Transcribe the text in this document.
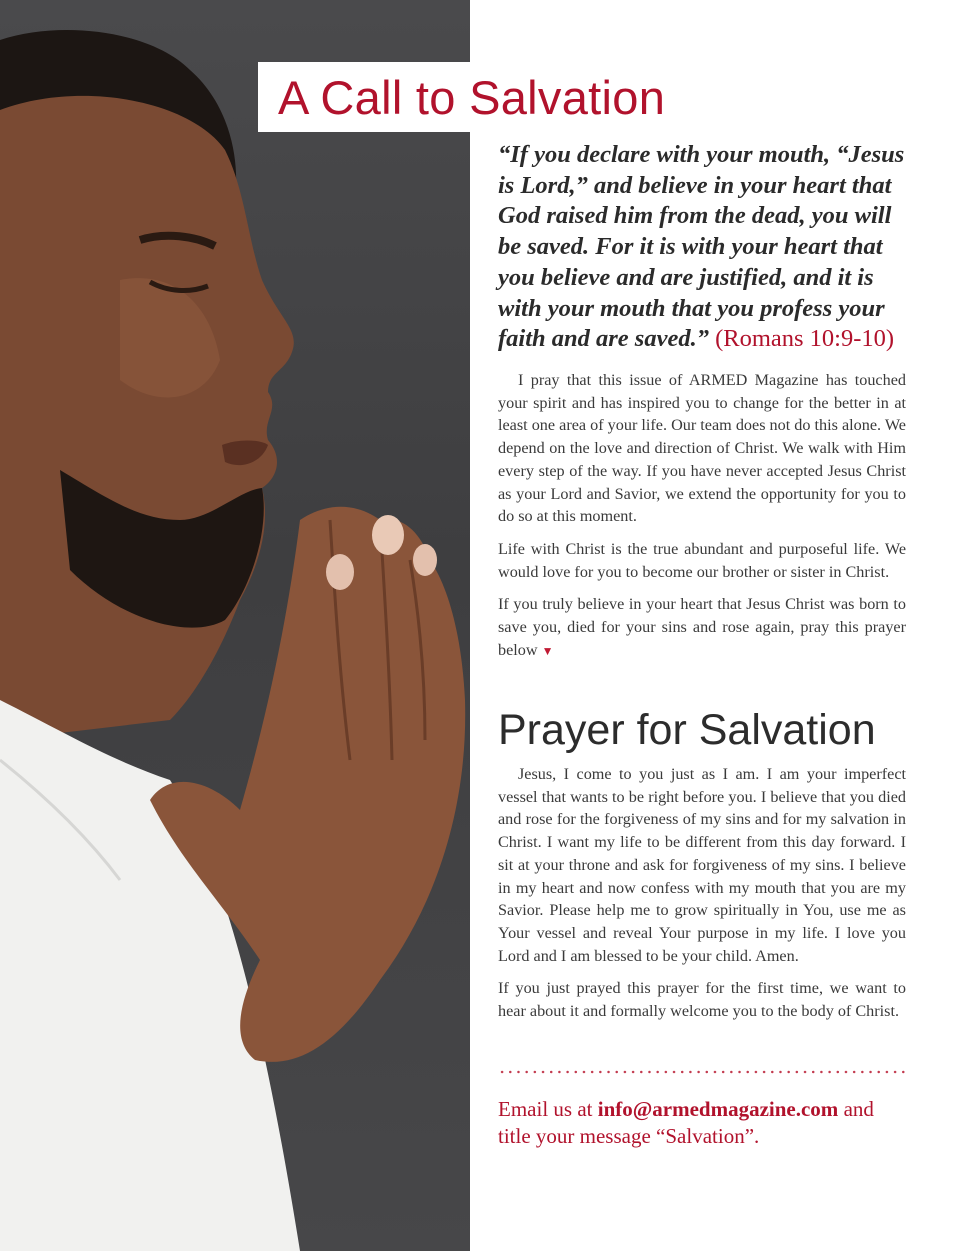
A Call to Salvation

“If you declare with your mouth, “Jesus is Lord,” and believe in your heart that God raised him from the dead, you will be saved. For it is with your heart that you believe and are justified, and it is with your mouth that you profess your faith and are saved.” (Romans 10:9-10)

I pray that this issue of ARMED Magazine has touched your spirit and has inspired you to change for the better in at least one area of your life. Our team does not do this alone. We depend on the love and direction of Christ. We walk with Him every step of the way. If you have never accepted Jesus Christ as your Lord and Savior, we extend the opportunity for you to do so at this moment.

Life with Christ is the true abundant and purposeful life. We would love for you to become our brother or sister in Christ.

If you truly believe in your heart that Jesus Christ was born to save you, died for your sins and rose again, pray this prayer below ▼

Prayer for Salvation

Jesus, I come to you just as I am. I am your imperfect vessel that wants to be right before you. I believe that you died and rose for the forgiveness of my sins and for my salvation in Christ. I want my life to be different from this day forward. I sit at your throne and ask for forgiveness of my sins. I believe in my heart and now confess with my mouth that you are my Savior. Please help me to grow spiritually in You, use me as Your vessel and reveal Your purpose in my life. I love you Lord and I am blessed to be your child. Amen.

If you just prayed this prayer for the first time, we want to hear about it and formally welcome you to the body of Christ.

Email us at info@armedmagazine.com and title your message “Salvation”.
